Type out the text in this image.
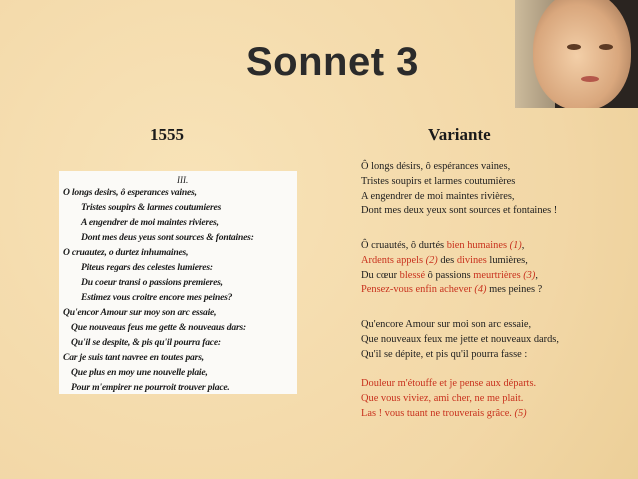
Sonnet 3
1555	Variante
III.
O longs desirs, ô esperances vaines,
Tristes soupirs & larmes coutumieres
A engendrer de moi maintes rivieres,
Dont mes deus yeus sont sources & fontaines:
O cruautez, o durtez inhumaines,
Piteus regars des celestes lumieres:
Du coeur transi o passions premieres,
Estimez vous croitre encore mes peines?
Qu'encor Amour sur moy son arc essaie,
Que nouveaus feus me gette & nouveaus dars:
Qu'il se despite, & pis qu'il pourra face:
Car je suis tant navree en toutes pars,
Que plus en moy une nouvelle plaie,
Pour m'empirer ne pourroit trouver place.

Ô longs désirs, ô espérances vaines,

Tristes soupirs et larmes coutumières

A engendrer de moi maintes rivières,

Dont mes deux yeux sont sources et fontaines !

Ô cruautés, ô durtés bien humaines (1),

Ardents appels (2) des divines lumières,

Du cœur blessé ô passions meurtrières (3),

Pensez-vous enfin achever (4) mes peines ?

Qu'encore Amour sur moi son arc essaie,

Que nouveaux feux me jette et nouveaux dards,

Qu'il se dépite, et pis qu'il pourra fasse :

Douleur m'étouffe et je pense aux départs.

Que vous viviez, ami cher, ne me plait.

Las ! vous tuant ne trouverais grâce. (5)
